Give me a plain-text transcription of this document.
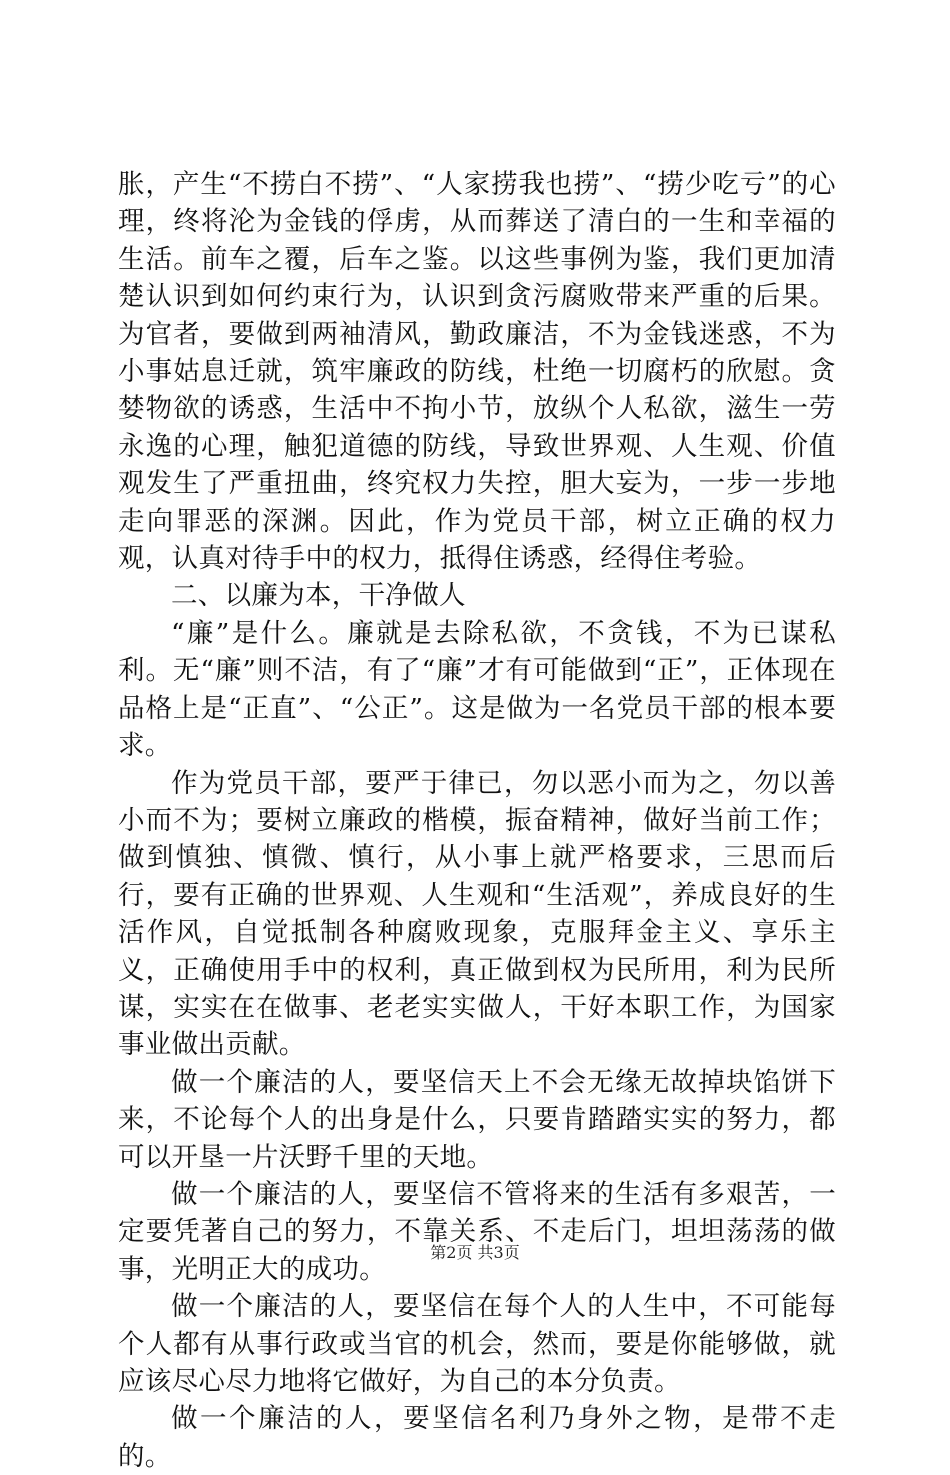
胀，产生“不捞白不捞”、“人家捞我也捞”、“捞少吃亏”的心理，终将沦为金钱的俘虏，从而葬送了清白的一生和幸福的生活。前车之覆，后车之鉴。以这些事例为鉴，我们更加清楚认识到如何约束行为，认识到贪污腐败带来严重的后果。为官者，要做到两袖清风，勤政廉洁，不为金钱迷惑，不为小事姑息迁就，筑牢廉政的防线，杜绝一切腐朽的欣慰。贪婪物欲的诱惑，生活中不拘小节，放纵个人私欲，滋生一劳永逸的心理，触犯道德的防线，导致世界观、人生观、价值观发生了严重扭曲，终究权力失控，胆大妄为，一步一步地走向罪恶的深渊。因此，作为党员干部，树立正确的权力观，认真对待手中的权力，抵得住诱惑，经得住考验。

二、以廉为本，干净做人

“廉”是什么。廉就是去除私欲，不贪钱，不为已谋私利。无“廉”则不洁，有了“廉”才有可能做到“正”，正体现在品格上是“正直”、“公正”。这是做为一名党员干部的根本要求。

作为党员干部，要严于律已，勿以恶小而为之，勿以善小而不为；要树立廉政的楷模，振奋精神，做好当前工作；做到慎独、慎微、慎行，从小事上就严格要求，三思而后行，要有正确的世界观、人生观和“生活观”，养成良好的生活作风，自觉抵制各种腐败现象，克服拜金主义、享乐主义，正确使用手中的权利，真正做到权为民所用，利为民所谋，实实在在做事、老老实实做人，干好本职工作，为国家事业做出贡献。

做一个廉洁的人，要坚信天上不会无缘无故掉块馅饼下来，不论每个人的出身是什么，只要肯踏踏实实的努力，都可以开垦一片沃野千里的天地。

做一个廉洁的人，要坚信不管将来的生活有多艰苦，一定要凭著自己的努力，不靠关系、不走后门，坦坦荡荡的做事，光明正大的成功。

做一个廉洁的人，要坚信在每个人的人生中，不可能每个人都有从事行政或当官的机会，然而，要是你能够做，就应该尽心尽力地将它做好，为自己的本分负责。

做一个廉洁的人，要坚信名利乃身外之物，是带不走的。

第2页 共3页
